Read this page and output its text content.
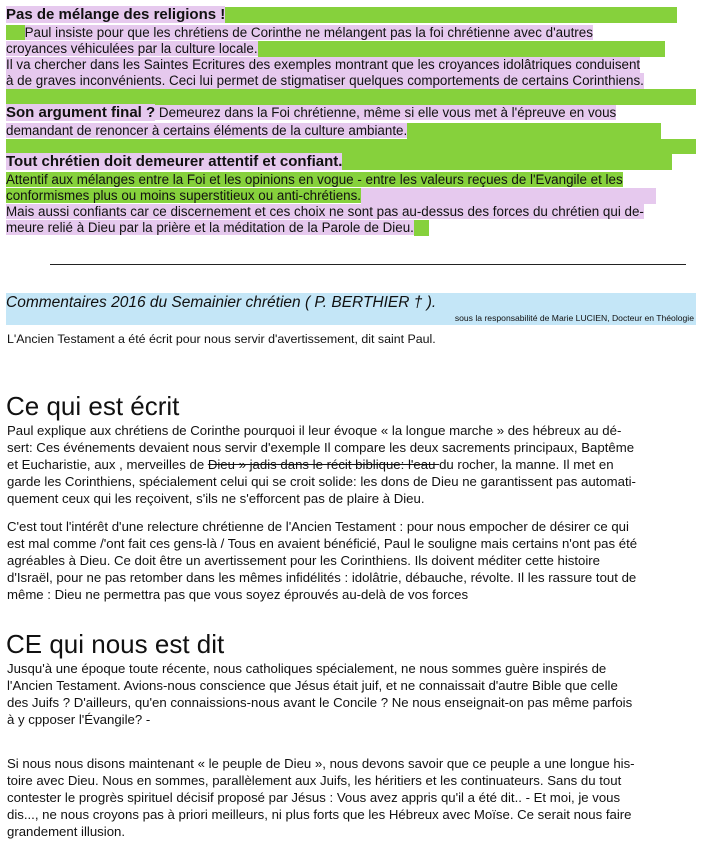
Pas de mélange des religions !
Paul insiste pour que les chrétiens de Corinthe ne mélangent pas la foi chrétienne avec d'autres
croyances véhiculées par la culture locale.
Il va chercher dans les Saintes Ecritures des exemples montrant que les croyances idolâtriques conduisent
à de graves inconvénients. Ceci lui permet de stigmatiser quelques comportements de certains Corinthiens.
Son argument final ? Demeurez dans la Foi chrétienne, même si elle vous met à l'épreuve en vous
demandant de renoncer à certains éléments de la culture ambiante.
Tout chrétien doit demeurer attentif et confiant.
Attentif aux mélanges entre la Foi et les opinions en vogue - entre les valeurs reçues de l'Evangile et les
conformismes plus ou moins superstitieux ou anti-chrétiens.
Mais aussi confiants car ce discernement et ces choix ne sont pas au-dessus des forces du chrétien qui de-
meure relié à Dieu par la prière et la méditation de la Parole de Dieu.
Commentaires 2016 du Semainier chrétien ( P. BERTHIER † ).
sous la responsabilité de Marie LUCIEN, Docteur en Théologie
L'Ancien Testament a été écrit pour nous servir d'avertissement, dit saint Paul.
Ce qui est écrit
Paul explique aux chrétiens de Corinthe pourquoi il leur évoque « la longue marche » des hébreux au dé-
sert: Ces événements devaient nous servir d'exemple Il compare les deux sacrements principaux, Baptême
et Eucharistie, aux , merveilles de Dieu » jadis dans le récit biblique: l'eau du rocher, la manne. Il met en
garde les Corinthiens, spécialement celui qui se croit solide: les dons de Dieu ne garantissent pas automati-
quement ceux qui les reçoivent, s'ils ne s'efforcent pas de plaire à Dieu.
C'est tout l'intérêt d'une relecture chrétienne de l'Ancien Testament : pour nous empocher de désirer ce qui
est mal comme /'ont fait ces gens-là / Tous en avaient bénéficié, Paul le souligne mais certains n'ont pas été
agréables à Dieu. Ce doit être un avertissement pour les Corinthiens. Ils doivent méditer cette histoire
d'Israël, pour ne pas retomber dans les mêmes infidélités : idolâtrie, débauche, révolte. Il les rassure tout de
même : Dieu ne permettra pas que vous soyez éprouvés au-delà de vos forces
CE qui nous est dit
Jusqu'à une époque toute récente, nous catholiques spécialement, ne nous sommes guère inspirés de
l'Ancien Testament. Avions-nous conscience que Jésus était juif, et ne connaissait d'autre Bible que celle
des Juifs ? D'ailleurs, qu'en connaissions-nous avant le Concile ? Ne nous enseignait-on pas même parfois
à y cpposer l'Évangile? -
Si nous nous disons maintenant « le peuple de Dieu », nous devons savoir que ce peuple a une longue his-
toire avec Dieu. Nous en sommes, parallèlement aux Juifs, les héritiers et les continuateurs. Sans du tout
contester le progrès spirituel décisif proposé par Jésus : Vous avez appris qu'il a été dit.. - Et moi, je vous
dis..., ne nous croyons pas à priori meilleurs, ni plus forts que les Hébreux avec Moïse. Ce serait nous faire
grandement illusion.
